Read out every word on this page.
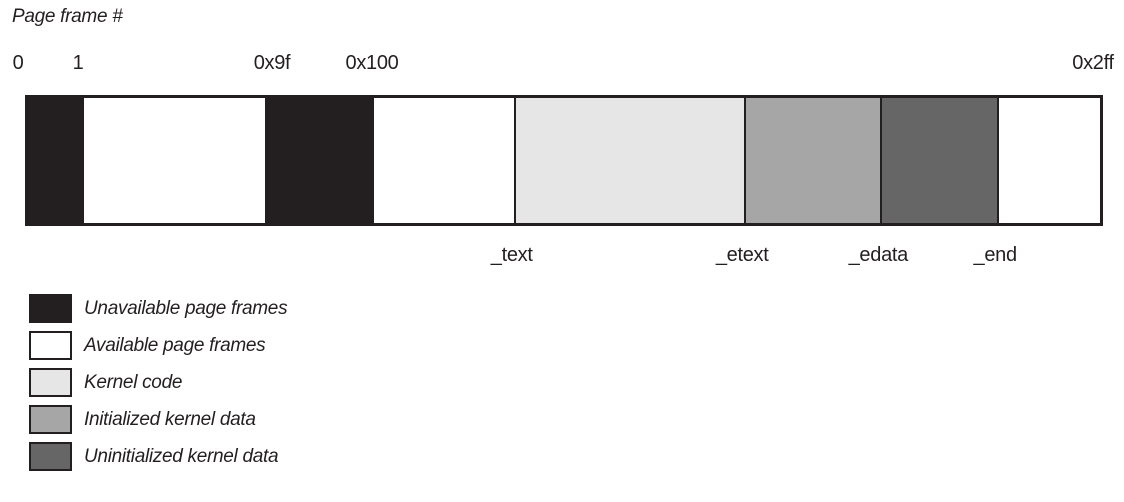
Page frame #
0 1	0x9f	0x100	0x2ff
_text	_etext	_edata	_end
Unavailable page frames
Available page frames
Kernel code
Initialized kernel data
Uninitialized kernel data
